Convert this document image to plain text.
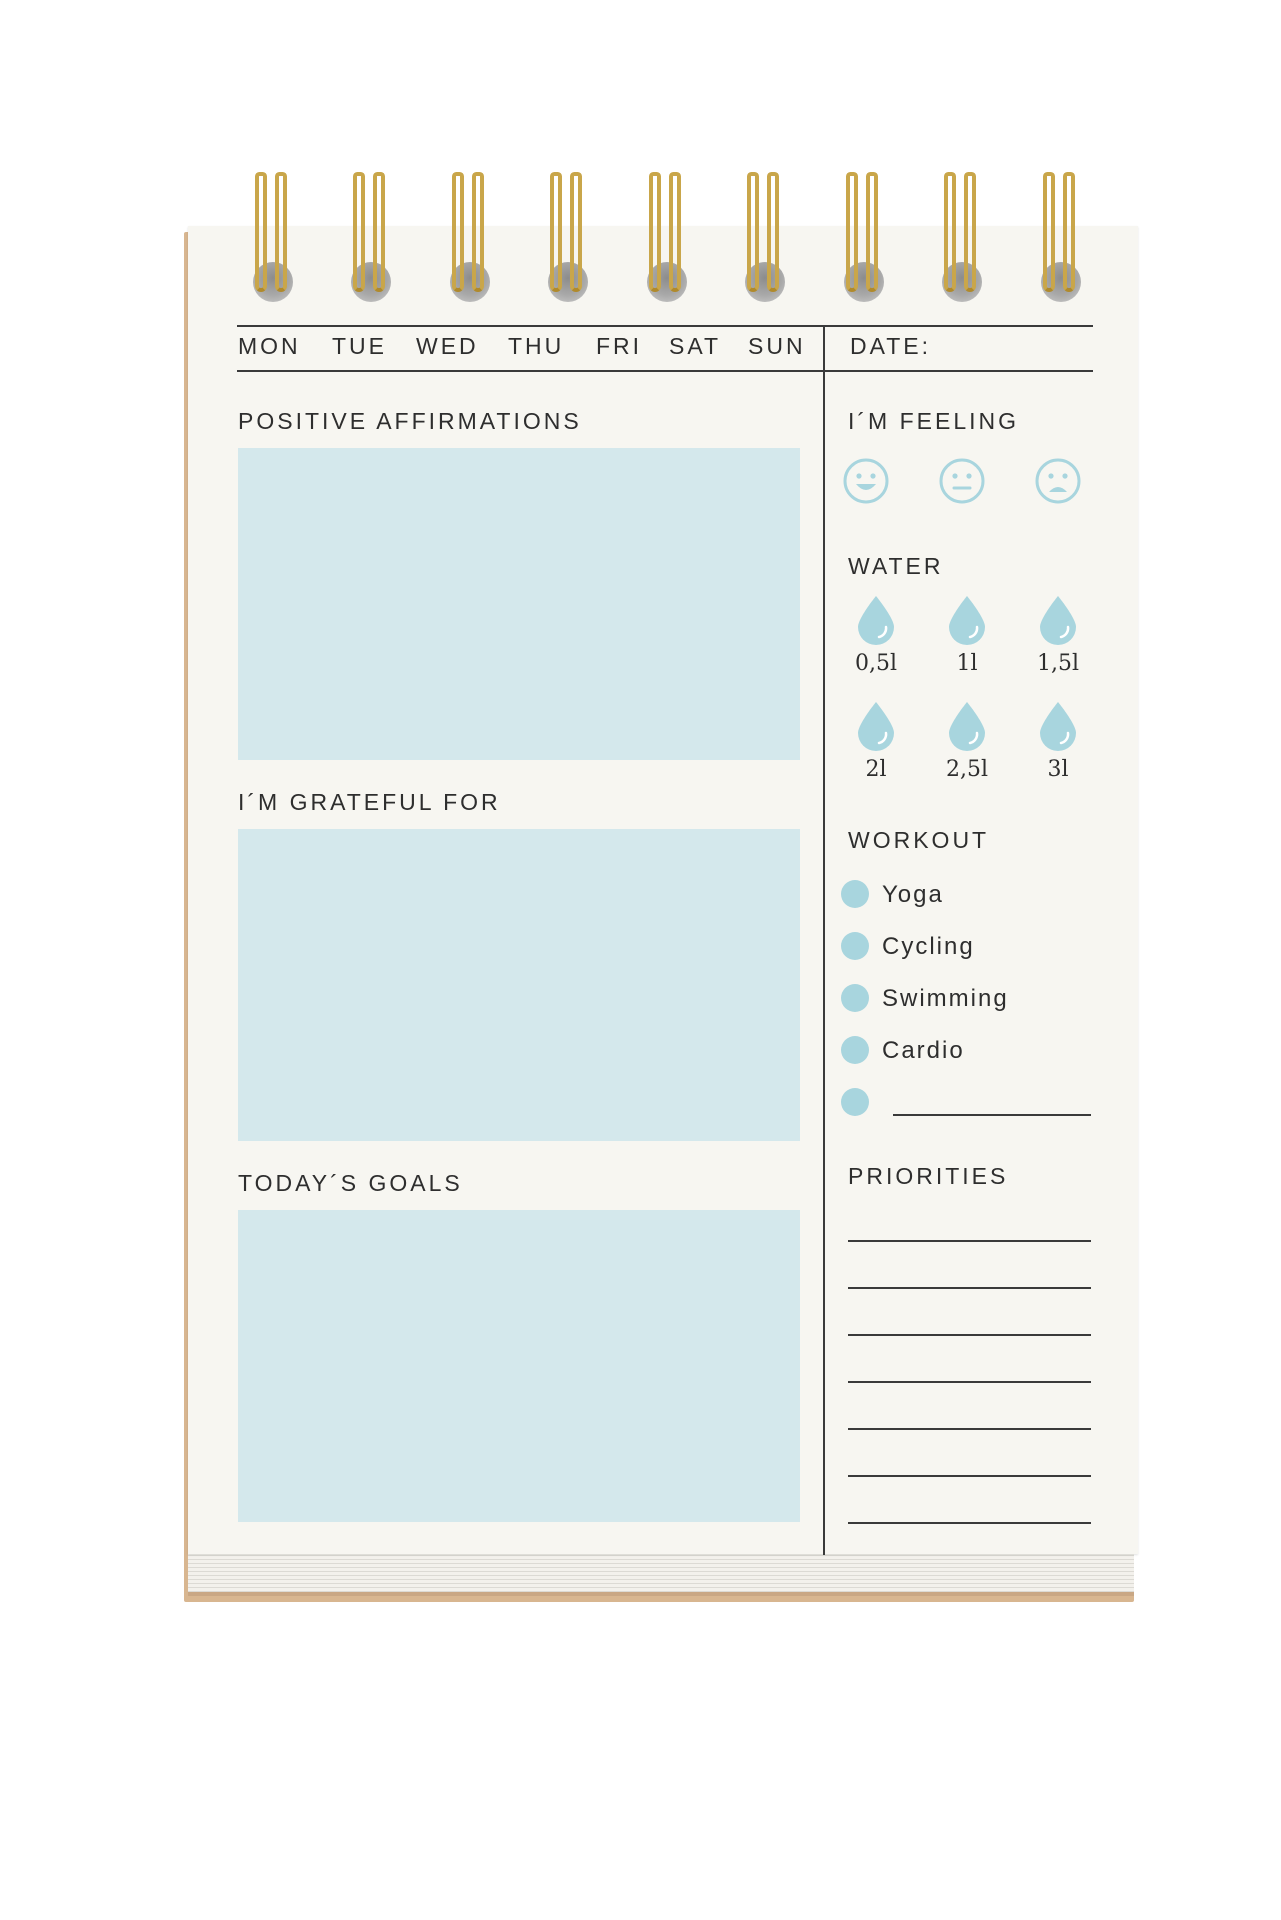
MON TUE WED THU FRI SAT SUN DATE:
POSITIVE AFFIRMATIONS
I´M GRATEFUL FOR
TODAY´S GOALS
I´M FEELING
WATER
0,5l	1l	1,5l
2l	2,5l	3l
WORKOUT
Yoga
Cycling
Swimming
Cardio
PRIORITIES
